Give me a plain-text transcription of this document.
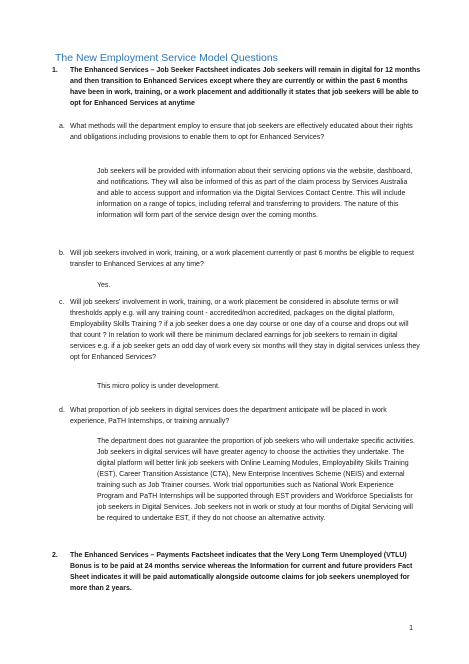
The New Employment Service Model Questions
1. The Enhanced Services – Job Seeker Factsheet indicates Job seekers will remain in digital for 12 months and then transition to Enhanced Services except where they are currently or within the past 6 months have been in work, training, or a work placement and additionally it states that job seekers will be able to opt for Enhanced Services at anytime
a. What methods will the department employ to ensure that job seekers are effectively educated about their rights and obligations including provisions to enable them to opt for Enhanced Services?
Job seekers will be provided with information about their servicing options via the website, dashboard, and notifications. They will also be informed of this as part of the claim process by Services Australia and able to access support and information via the Digital Services Contact Centre. This will include information on a range of topics, including referral and transferring to providers. The nature of this information will form part of the service design over the coming months.
b. Will job seekers involved in work, training, or a work placement currently or past 6 months be eligible to request transfer to Enhanced Services at any time?
Yes.
c. Will job seekers' involvement in work, training, or a work placement be considered in absolute terms or will thresholds apply e.g. will any training count - accredited/non accredited, packages on the digital platform, Employability Skills Training ? if a job seeker does a one day course or one day of a course and drops out will that count ? In relation to work will there be minimum declared earnings for job seekers to remain in digital services e.g. if a job seeker gets an odd day of work every six months will they stay in digital services unless they opt for Enhanced Services?
This micro policy is under development.
d. What proportion of job seekers in digital services does the department anticipate will be placed in work experience, PaTH Internships, or training annually?
The department does not guarantee the proportion of job seekers who will undertake specific activities. Job seekers in digital services will have greater agency to choose the activities they undertake. The digital platform will better link job seekers with Online Learning Modules, Employability Skills Training (EST), Career Transition Assistance (CTA), New Enterprise Incentives Scheme (NEIS) and external training such as Job Trainer courses. Work trial opportunities such as National Work Experience Program and PaTH Internships will be supported through EST providers and Workforce Specialists for job seekers in Digital Services. Job seekers not in work or study at four months of Digital Servicing will be required to undertake EST, if they do not choose an alternative activity.
2. The Enhanced Services – Payments Factsheet indicates that the Very Long Term Unemployed (VTLU) Bonus is to be paid at 24 months service whereas the Information for current and future providers Fact Sheet indicates it will be paid automatically alongside outcome claims for job seekers unemployed for more than 2 years.
1
